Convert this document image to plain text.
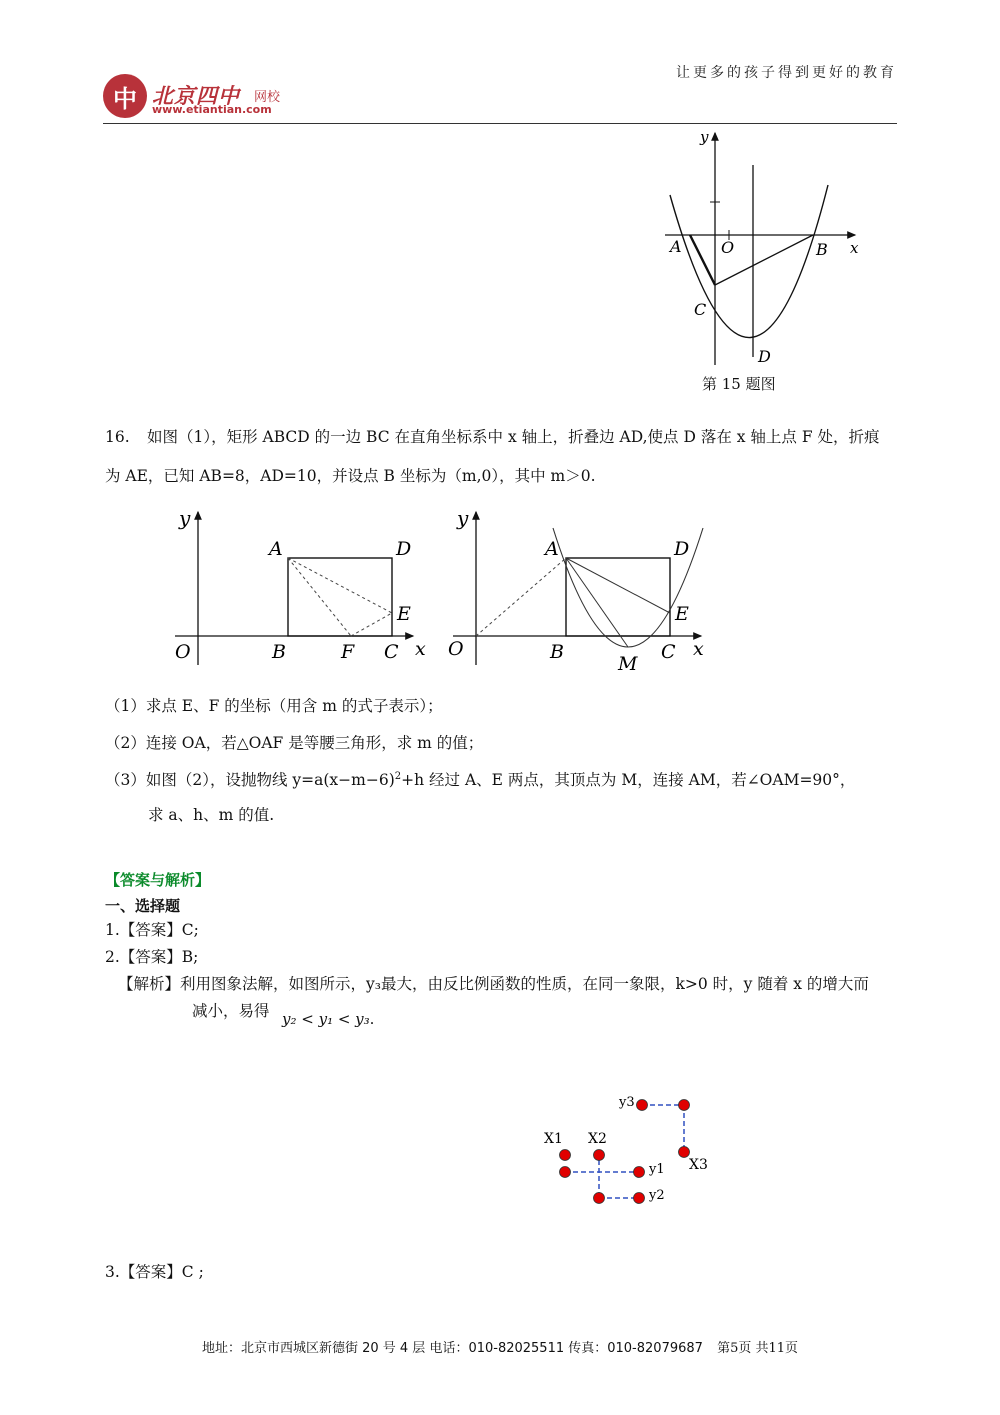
中 北京四中 网校
www.etiantian.com
让更多的孩子得到更好的教育
y
x
A O	B
C
D
第 15 题图
16. 如图（1），矩形 ABCD 的一边 BC 在直角坐标系中 x 轴上，折叠边 AD,使点 D 落在 x 轴上点 F 处，折痕
为 AE，已知 AB=8，AD=10，并设点 B 坐标为（m,0），其中 m＞0.
y
A	D
E
O	B	F C x
y
A	D
E
O	B
M
C x
（1）求点 E、F 的坐标（用含 m 的式子表示）；
（2）连接 OA，若△OAF 是等腰三角形，求 m 的值；
（3）如图（2），设抛物线 $y=a(x-m-6)^2+h$ 经过 A、E 两点，其顶点为 M，连接 AM，若∠OAM=90°，
求 a、h、m 的值.
【答案与解析】
一、选择题
1.【答案】C;
2.【答案】B;
【解析】利用图象法解，如图所示，y₃最大，由反比例函数的性质，在同一象限，k>0 时，y 随着 x 的增大而
减小，易得 y₂ < y₁ < y₃.
y3
X1 X2
y1 X3
y2
3.【答案】C ;
地址：北京市西城区新德街 20 号 4 层 电话：010-82025511 传真：010-82079687 第5页 共11页
